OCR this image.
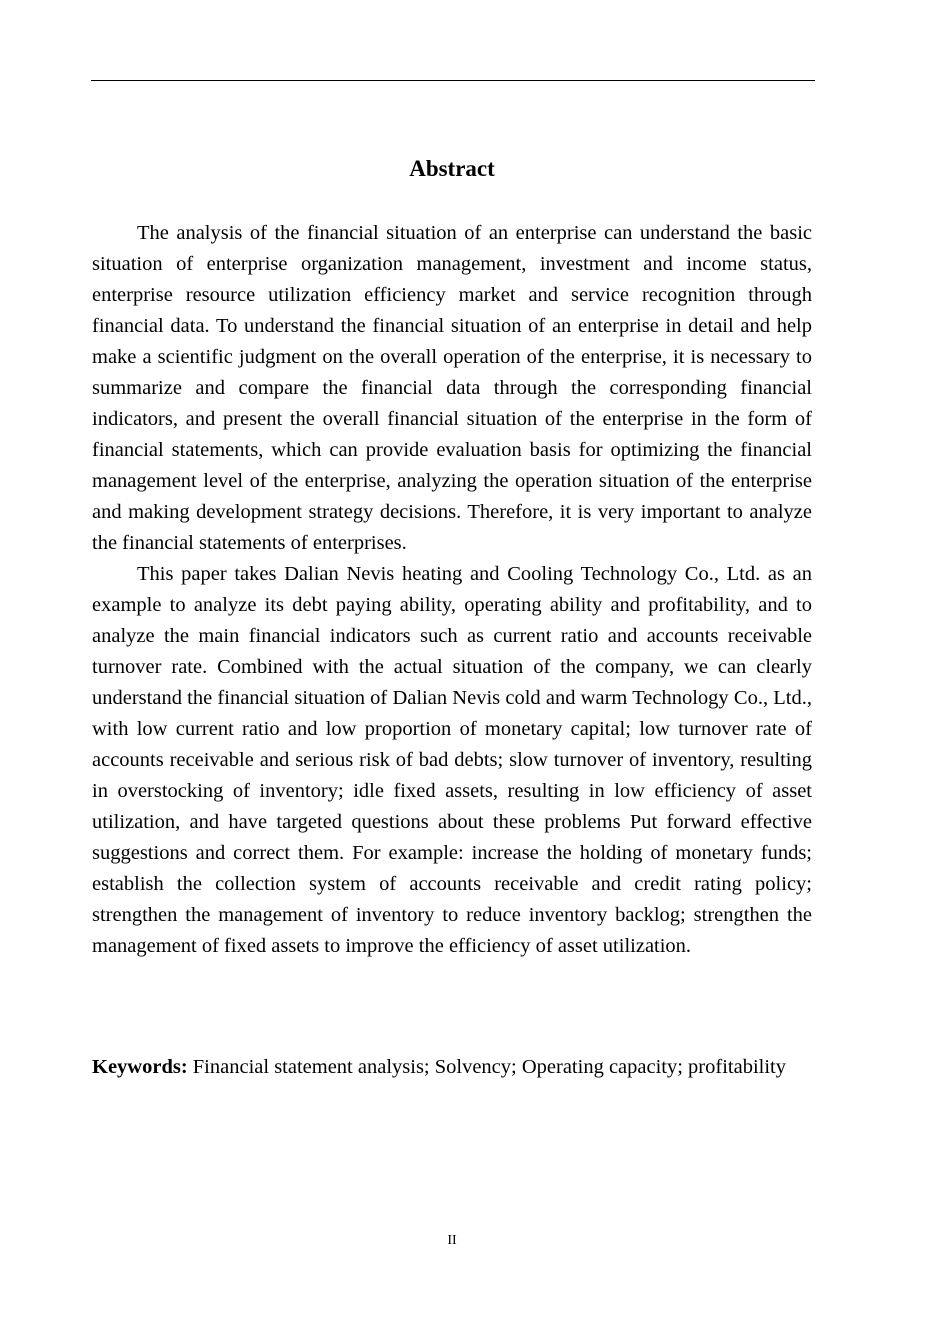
Abstract

The analysis of the financial situation of an enterprise can understand the basic situation of enterprise organization management, investment and income status, enterprise resource utilization efficiency market and service recognition through financial data. To understand the financial situation of an enterprise in detail and help make a scientific judgment on the overall operation of the enterprise, it is necessary to summarize and compare the financial data through the corresponding financial indicators, and present the overall financial situation of the enterprise in the form of financial statements, which can provide evaluation basis for optimizing the financial management level of the enterprise, analyzing the operation situation of the enterprise and making development strategy decisions. Therefore, it is very important to analyze the financial statements of enterprises.

This paper takes Dalian Nevis heating and Cooling Technology Co., Ltd. as an example to analyze its debt paying ability, operating ability and profitability, and to analyze the main financial indicators such as current ratio and accounts receivable turnover rate. Combined with the actual situation of the company, we can clearly understand the financial situation of Dalian Nevis cold and warm Technology Co., Ltd., with low current ratio and low proportion of monetary capital; low turnover rate of accounts receivable and serious risk of bad debts; slow turnover of inventory, resulting in overstocking of inventory; idle fixed assets, resulting in low efficiency of asset utilization, and have targeted questions about these problems Put forward effective suggestions and correct them. For example: increase the holding of monetary funds; establish the collection system of accounts receivable and credit rating policy; strengthen the management of inventory to reduce inventory backlog; strengthen the management of fixed assets to improve the efficiency of asset utilization.

Keywords: Financial statement analysis; Solvency; Operating capacity; profitability

II
